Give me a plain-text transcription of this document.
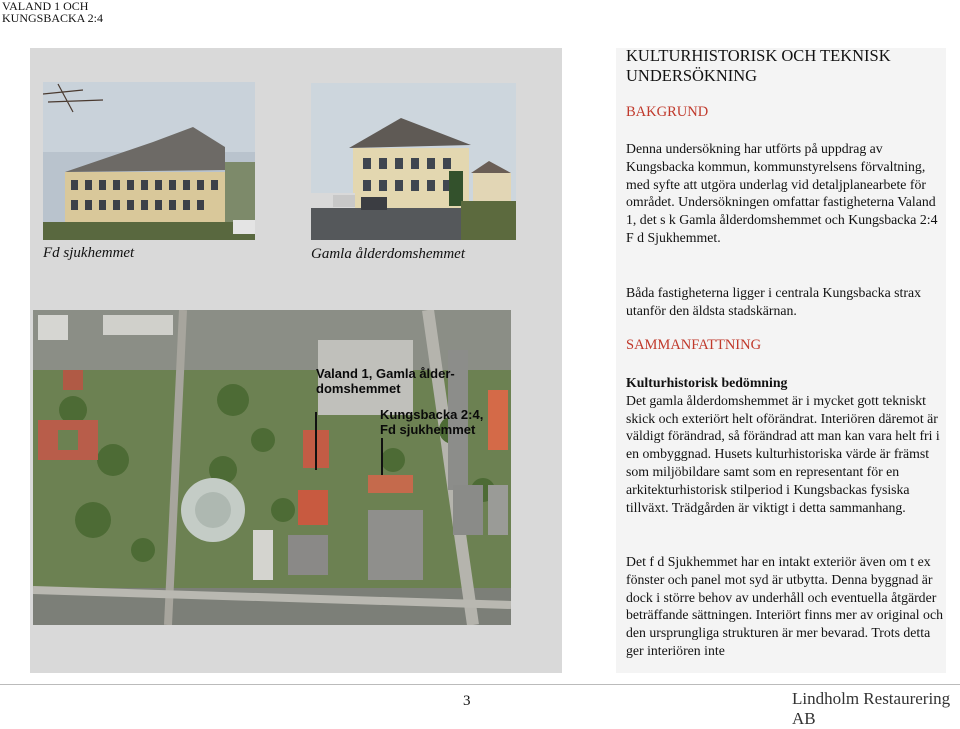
VALAND 1 OCH
KUNGSBACKA 2:4
Fd sjukhemmet	Gamla ålderdomshemmet
Valand 1, Gamla ålder-
domshemmet
Kungsbacka 2:4,
Fd sjukhemmet
KULTURHISTORISK OCH TEKNISK
UNDERSÖKNING
BAKGRUND

Denna undersökning har utförts på uppdrag av Kungsbacka kommun, kommunstyrelsens förvaltning, med syfte att utgöra underlag vid detaljplanearbete för området. Undersökningen omfattar fastigheterna Valand 1, det s k Gamla ålderdomshemmet och Kungsbacka 2:4 F d Sjukhemmet.

Båda fastigheterna ligger i centrala Kungsbacka strax utanför den äldsta stadskärnan.

SAMMANFATTNING

Kulturhistorisk bedömning

Det gamla ålderdomshemmet är i mycket gott tekniskt skick och exteriört helt oförändrat. Interiören däremot är väldigt förändrad, så förändrad att man kan vara helt fri i en ombyggnad. Husets kulturhistoriska värde är främst som miljöbildare samt som en representant för en arkitekturhistorisk stilperiod i Kungsbackas fysiska tillväxt. Trädgården är viktigt i detta sammanhang.

Det f d Sjukhemmet har en intakt exteriör även om t ex fönster och panel mot syd är utbytta. Denna byggnad är dock i större behov av underhåll och eventuella åtgärder beträffande sättningen. Interiört finns mer av original och den ursprungliga strukturen är mer bevarad. Trots detta ger interiören inte

3	Lindholm Restaurering AB
